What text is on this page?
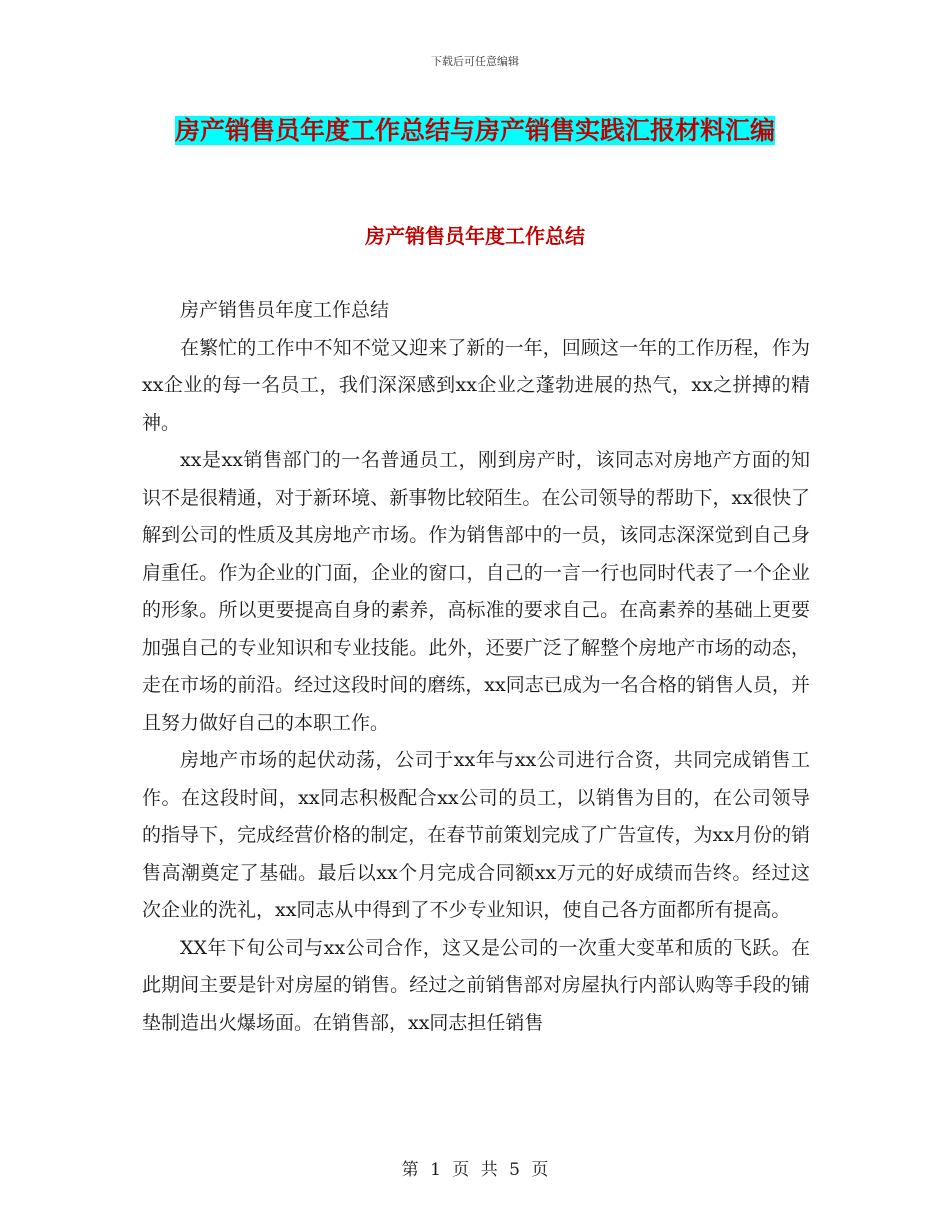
下载后可任意编辑
房产销售员年度工作总结与房产销售实践汇报材料汇编
房产销售员年度工作总结

房产销售员年度工作总结

在繁忙的工作中不知不觉又迎来了新的一年，回顾这一年的工作历程，作为xx企业的每一名员工，我们深深感到xx企业之蓬勃进展的热气，xx之拼搏的精神。

xx是xx销售部门的一名普通员工，刚到房产时，该同志对房地产方面的知识不是很精通，对于新环境、新事物比较陌生。在公司领导的帮助下，xx很快了解到公司的性质及其房地产市场。作为销售部中的一员，该同志深深觉到自己身肩重任。作为企业的门面，企业的窗口，自己的一言一行也同时代表了一个企业的形象。所以更要提高自身的素养，高标准的要求自己。在高素养的基础上更要加强自己的专业知识和专业技能。此外，还要广泛了解整个房地产市场的动态，走在市场的前沿。经过这段时间的磨练，xx同志已成为一名合格的销售人员，并且努力做好自己的本职工作。

房地产市场的起伏动荡，公司于xx年与xx公司进行合资，共同完成销售工作。在这段时间，xx同志积极配合xx公司的员工，以销售为目的，在公司领导的指导下，完成经营价格的制定，在春节前策划完成了广告宣传，为xx月份的销售高潮奠定了基础。最后以xx个月完成合同额xx万元的好成绩而告终。经过这次企业的洗礼，xx同志从中得到了不少专业知识，使自己各方面都所有提高。

XX年下旬公司与xx公司合作，这又是公司的一次重大变革和质的飞跃。在此期间主要是针对房屋的销售。经过之前销售部对房屋执行内部认购等手段的铺垫制造出火爆场面。在销售部，xx同志担任销售

第 1 页 共 5 页
